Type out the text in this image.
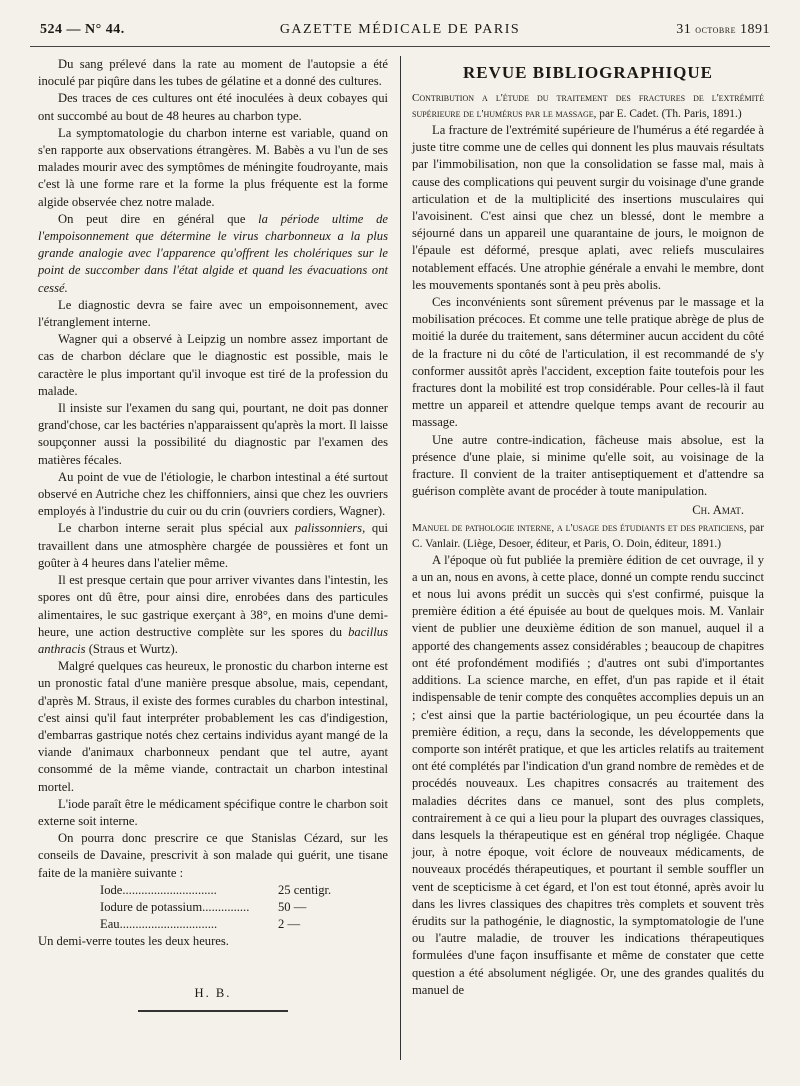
524 — N° 44.	GAZETTE MÉDICALE DE PARIS	31 octobre 1891

Du sang prélevé dans la rate au moment de l'autopsie a été inoculé par piqûre dans les tubes de gélatine et a donné des cultures.

Des traces de ces cultures ont été inoculées à deux cobayes qui ont succombé au bout de 48 heures au charbon type.

La symptomatologie du charbon interne est variable, quand on s'en rapporte aux observations étrangères. M. Babès a vu l'un de ses malades mourir avec des symptômes de méningite foudroyante, mais c'est là une forme rare et la forme la plus fréquente est la forme algide observée chez notre malade.

On peut dire en général que la période ultime de l'empoisonnement que détermine le virus charbonneux a la plus grande analogie avec l'apparence qu'offrent les cholériques sur le point de succomber dans l'état algide et quand les évacuations ont cessé.

Le diagnostic devra se faire avec un empoisonnement, avec l'étranglement interne.

Wagner qui a observé à Leipzig un nombre assez important de cas de charbon déclare que le diagnostic est possible, mais le caractère le plus important qu'il invoque est tiré de la profession du malade.

Il insiste sur l'examen du sang qui, pourtant, ne doit pas donner grand'chose, car les bactéries n'apparaissent qu'après la mort. Il laisse soupçonner aussi la possibilité du diagnostic par l'examen des matières fécales.

Au point de vue de l'étiologie, le charbon intestinal a été surtout observé en Autriche chez les chiffonniers, ainsi que chez les ouvriers employés à l'industrie du cuir ou du crin (ouvriers cordiers, Wagner).

Le charbon interne serait plus spécial aux palissonniers, qui travaillent dans une atmosphère chargée de poussières et font un goûter à 4 heures dans l'atelier même.

Il est presque certain que pour arriver vivantes dans l'intestin, les spores ont dû être, pour ainsi dire, enrobées dans des particules alimentaires, le suc gastrique exerçant à 38°, en moins d'une demi-heure, une action destructive complète sur les spores du bacillus anthracis (Straus et Wurtz).

Malgré quelques cas heureux, le pronostic du charbon interne est un pronostic fatal d'une manière presque absolue, mais, cependant, d'après M. Straus, il existe des formes curables du charbon intestinal, c'est ainsi qu'il faut interpréter probablement les cas d'indigestion, d'embarras gastrique notés chez certains individus ayant mangé de la viande d'animaux charbonneux pendant que tel autre, ayant consommé de la même viande, contractait un charbon intestinal mortel.

L'iode paraît être le médicament spécifique contre le charbon soit externe soit interne.

On pourra donc prescrire ce que Stanislas Cézard, sur les conseils de Davaine, prescrivit à son malade qui guérit, une tisane faite de la manière suivante :

Iode..............................	25 centigr.
Iodure de potassium............... 50 —
Eau...............................	2 —

Un demi-verre toutes les deux heures.

H. B.
REVUE BIBLIOGRAPHIQUE

Contribution a l'étude du traitement des fractures de l'extrémité supérieure de l'humérus par le massage, par E. Cadet. (Th. Paris, 1891.)

La fracture de l'extrémité supérieure de l'humérus a été regardée à juste titre comme une de celles qui donnent les plus mauvais résultats par l'immobilisation, non que la consolidation se fasse mal, mais à cause des complications qui peuvent surgir du voisinage d'une grande articulation et de la multiplicité des insertions musculaires qui l'avoisinent. C'est ainsi que chez un blessé, dont le membre a séjourné dans un appareil une quarantaine de jours, le moignon de l'épaule est déformé, presque aplati, avec reliefs musculaires notablement effacés. Une atrophie générale a envahi le membre, dont les mouvements spontanés sont à peu près abolis.

Ces inconvénients sont sûrement prévenus par le massage et la mobilisation précoces. Et comme une telle pratique abrège de plus de moitié la durée du traitement, sans déterminer aucun accident du côté de la fracture ni du côté de l'articulation, il est recommandé de s'y conformer aussitôt après l'accident, exception faite toutefois pour les fractures dont la mobilité est trop considérable. Pour celles-là il faut mettre un appareil et attendre quelque temps avant de recourir au massage.

Une autre contre-indication, fâcheuse mais absolue, est la présence d'une plaie, si minime qu'elle soit, au voisinage de la fracture. Il convient de la traiter antiseptiquement et d'attendre sa guérison complète avant de procéder à toute manipulation.

Ch. Amat.

Manuel de pathologie interne, a l'usage des étudiants et des praticiens, par C. Vanlair. (Liège, Desoer, éditeur, et Paris, O. Doin, éditeur, 1891.)

A l'époque où fut publiée la première édition de cet ouvrage, il y a un an, nous en avons, à cette place, donné un compte rendu succinct et nous lui avons prédit un succès qui s'est confirmé, puisque la première édition a été épuisée au bout de quelques mois. M. Vanlair vient de publier une deuxième édition de son manuel, auquel il a apporté des changements assez considérables ; beaucoup de chapitres ont été profondément modifiés ; d'autres ont subi d'importantes additions. La science marche, en effet, d'un pas rapide et il était indispensable de tenir compte des conquêtes accomplies depuis un an ; c'est ainsi que la partie bactériologique, un peu écourtée dans la première édition, a reçu, dans la seconde, les développements que comporte son intérêt pratique, et que les articles relatifs au traitement ont été complétés par l'indication d'un grand nombre de remèdes et de procédés nouveaux. Les chapitres consacrés au traitement des maladies décrites dans ce manuel, sont des plus complets, contrairement à ce qui a lieu pour la plupart des ouvrages classiques, dans lesquels la thérapeutique est en général trop négligée. Chaque jour, à notre époque, voit éclore de nouveaux médicaments, de nouveaux procédés thérapeutiques, et pourtant il semble souffler un vent de scepticisme à cet égard, et l'on est tout étonné, après avoir lu dans les livres classiques des chapitres très complets et souvent très érudits sur la pathogénie, le diagnostic, la symptomatologie de l'une ou l'autre maladie, de trouver les indications thérapeutiques formulées d'une façon insuffisante et même de constater que cette question a été absolument négligée. Or, une des grandes qualités du manuel de
